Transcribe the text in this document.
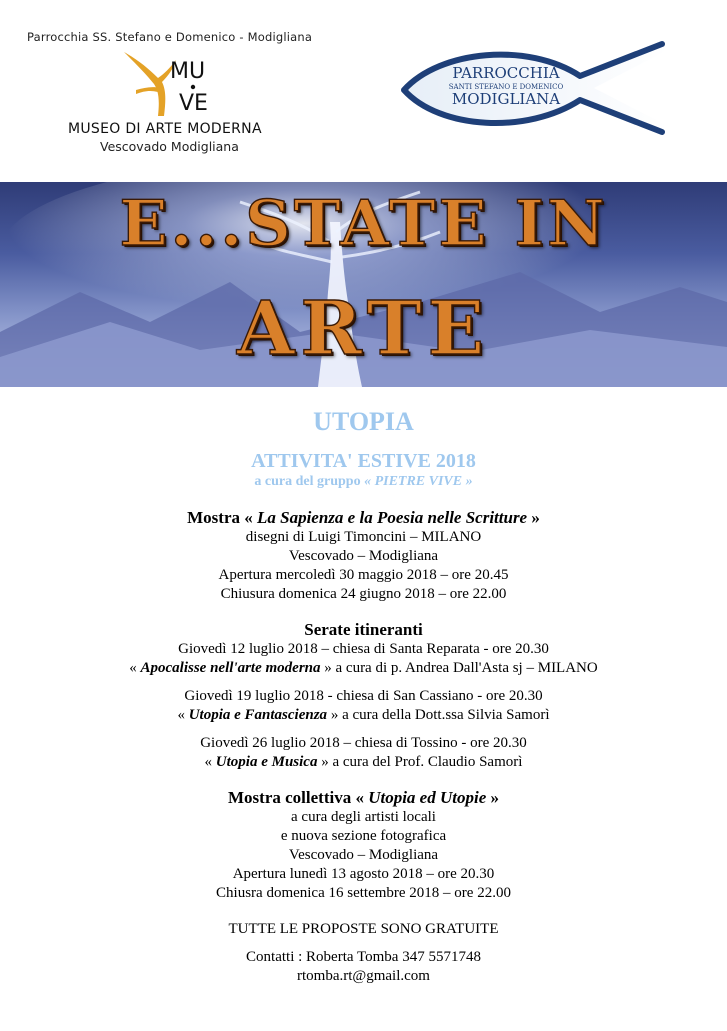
Parrocchia SS. Stefano e Domenico - Modigliana
MU
VE
MUSEO DI ARTE MODERNA
Vescovado Modigliana
PARROCCHIA
SANTI STEFANO E DOMENICO
MODIGLIANA
E...STATE IN
ARTE
UTOPIA
ATTIVITA' ESTIVE 2018
a cura del gruppo « PIETRE VIVE »
Mostra « La Sapienza e la Poesia nelle Scritture »
disegni di Luigi Timoncini – MILANO
Vescovado – Modigliana
Apertura mercoledì 30 maggio 2018 – ore 20.45
Chiusura domenica 24 giugno 2018 – ore 22.00
Serate itineranti
Giovedì 12 luglio 2018 – chiesa di Santa Reparata - ore 20.30
« Apocalisse nell'arte moderna » a cura di p. Andrea Dall'Asta sj – MILANO
Giovedì 19 luglio 2018 - chiesa di San Cassiano - ore 20.30
« Utopia e Fantascienza » a cura della Dott.ssa Silvia Samorì
Giovedì 26 luglio 2018 – chiesa di Tossino - ore 20.30
« Utopia e Musica » a cura del Prof. Claudio Samorì
Mostra collettiva « Utopia ed Utopie »
a cura degli artisti locali
e nuova sezione fotografica
Vescovado – Modigliana
Apertura lunedì 13 agosto 2018 – ore 20.30
Chiusra domenica 16 settembre 2018 – ore 22.00
TUTTE LE PROPOSTE SONO GRATUITE
Contatti : Roberta Tomba 347 5571748
rtomba.rt@gmail.com
